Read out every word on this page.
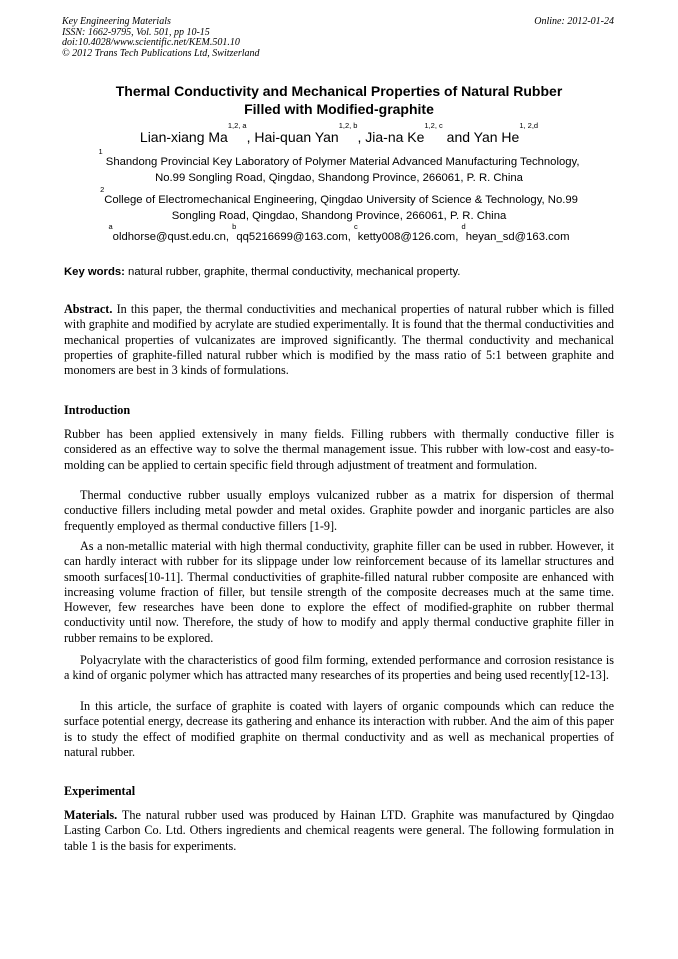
Key Engineering Materials
ISSN: 1662-9795, Vol. 501, pp 10-15
doi:10.4028/www.scientific.net/KEM.501.10
© 2012 Trans Tech Publications Ltd, Switzerland
Online: 2012-01-24
Thermal Conductivity and Mechanical Properties of Natural Rubber
Filled with Modified-graphite
Lian-xiang Ma$^{1,2, a}$, Hai-quan Yan$^{1,2, b}$, Jia-na Ke$^{1,2, c}$ and Yan He$^{1, 2,d}$
$^1$ Shandong Provincial Key Laboratory of Polymer Material Advanced Manufacturing Technology,
No.99 Songling Road, Qingdao, Shandong Province, 266061, P. R. China
$^2$College of Electromechanical Engineering, Qingdao University of Science & Technology, No.99
Songling Road, Qingdao, Shandong Province, 266061, P. R. China
$^a$oldhorse@qust.edu.cn, $^b$qq5216699@163.com, $^c$ketty008@126.com, $^d$heyan_sd@163.com
Key words: natural rubber, graphite, thermal conductivity, mechanical property.

Abstract. In this paper, the thermal conductivities and mechanical properties of natural rubber which is filled with graphite and modified by acrylate are studied experimentally. It is found that the thermal conductivities and mechanical properties of vulcanizates are improved significantly. The thermal conductivity and mechanical properties of graphite-filled natural rubber which is modified by the mass ratio of 5:1 between graphite and monomers are best in 3 kinds of formulations.

Introduction

Rubber has been applied extensively in many fields. Filling rubbers with thermally conductive filler is considered as an effective way to solve the thermal management issue. This rubber with low-cost and easy-to-molding can be applied to certain specific field through adjustment of treatment and formulation.

Thermal conductive rubber usually employs vulcanized rubber as a matrix for dispersion of thermal conductive fillers including metal powder and metal oxides. Graphite powder and inorganic particles are also frequently employed as thermal conductive fillers [1-9].

As a non-metallic material with high thermal conductivity, graphite filler can be used in rubber. However, it can hardly interact with rubber for its slippage under low reinforcement because of its lamellar structures and smooth surfaces[10-11]. Thermal conductivities of graphite-filled natural rubber composite are enhanced with increasing volume fraction of filler, but tensile strength of the composite decreases much at the same time. However, few researches have been done to explore the effect of modified-graphite on rubber thermal conductivity until now. Therefore, the study of how to modify and apply thermal conductive graphite filler in rubber remains to be explored.

Polyacrylate with the characteristics of good film forming, extended performance and corrosion resistance is a kind of organic polymer which has attracted many researches of its properties and being used recently[12-13].

In this article, the surface of graphite is coated with layers of organic compounds which can reduce the surface potential energy, decrease its gathering and enhance its interaction with rubber. And the aim of this paper is to study the effect of modified graphite on thermal conductivity and as well as mechanical properties of natural rubber.

Experimental

Materials. The natural rubber used was produced by Hainan LTD. Graphite was manufactured by Qingdao Lasting Carbon Co. Ltd. Others ingredients and chemical reagents were general. The following formulation in table 1 is the basis for experiments.
